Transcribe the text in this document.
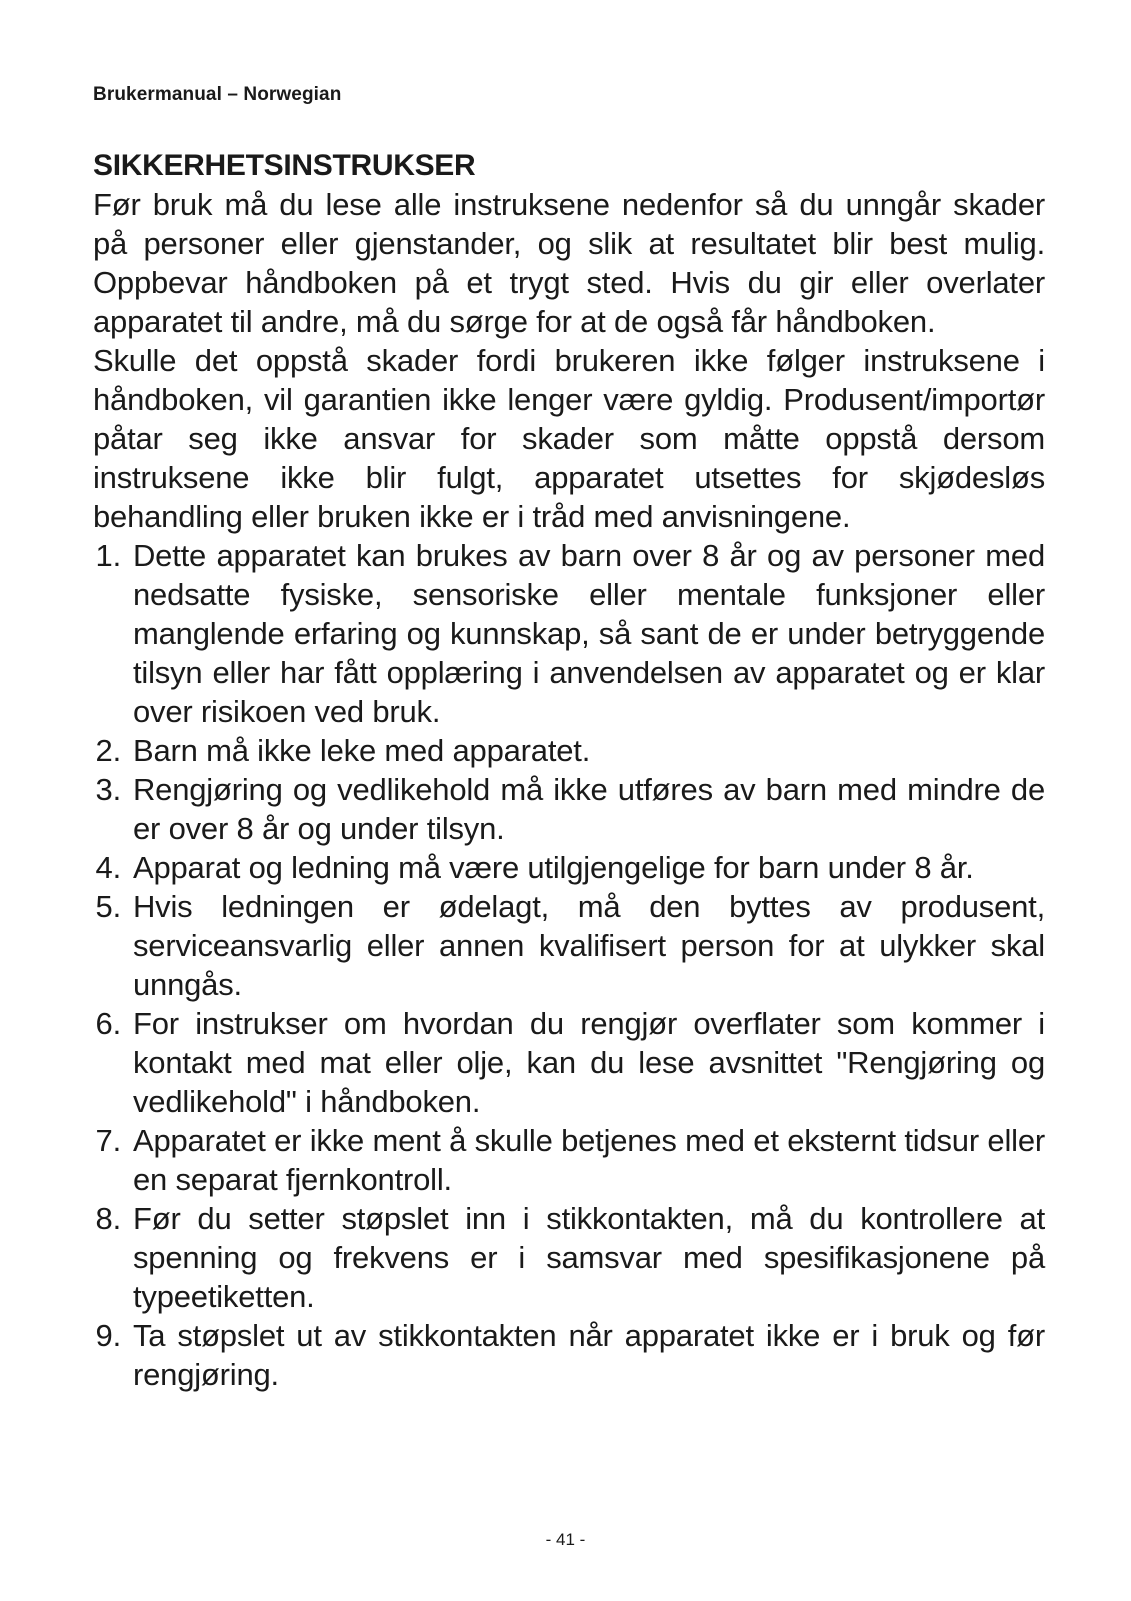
Brukermanual – Norwegian
SIKKERHETSINSTRUKSER

Før bruk må du lese alle instruksene nedenfor så du unngår skader på personer eller gjenstander, og slik at resultatet blir best mulig. Oppbevar håndboken på et trygt sted. Hvis du gir eller overlater apparatet til andre, må du sørge for at de også får håndboken.

Skulle det oppstå skader fordi brukeren ikke følger instruksene i håndboken, vil garantien ikke lenger være gyldig. Produsent/importør påtar seg ikke ansvar for skader som måtte oppstå dersom instruksene ikke blir fulgt, apparatet utsettes for skjødesløs behandling eller bruken ikke er i tråd med anvisningene.

1. Dette apparatet kan brukes av barn over 8 år og av personer med nedsatte fysiske, sensoriske eller mentale funksjoner eller manglende erfaring og kunnskap, så sant de er under betryggende tilsyn eller har fått opplæring i anvendelsen av apparatet og er klar over risikoen ved bruk.
2. Barn må ikke leke med apparatet.
3. Rengjøring og vedlikehold må ikke utføres av barn med mindre de er over 8 år og under tilsyn.
4. Apparat og ledning må være utilgjengelige for barn under 8 år.
5. Hvis ledningen er ødelagt, må den byttes av produsent, serviceansvarlig eller annen kvalifisert person for at ulykker skal unngås.
6. For instrukser om hvordan du rengjør overflater som kommer i kontakt med mat eller olje, kan du lese avsnittet "Rengjøring og vedlikehold" i håndboken.
7. Apparatet er ikke ment å skulle betjenes med et eksternt tidsur eller en separat fjernkontroll.
8. Før du setter støpslet inn i stikkontakten, må du kontrollere at spenning og frekvens er i samsvar med spesifikasjonene på typeetiketten.
9. Ta støpslet ut av stikkontakten når apparatet ikke er i bruk og før rengjøring.
- 41 -
